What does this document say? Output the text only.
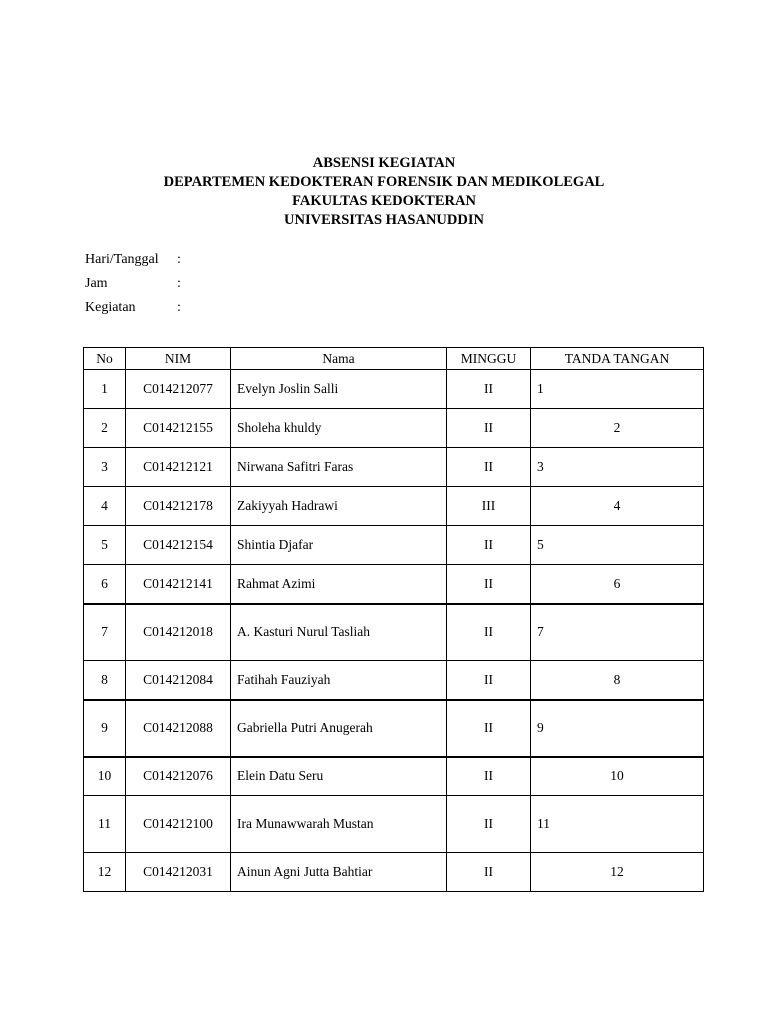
ABSENSI KEGIATAN
DEPARTEMEN KEDOKTERAN FORENSIK DAN MEDIKOLEGAL
FAKULTAS KEDOKTERAN
UNIVERSITAS HASANUDDIN
Hari/Tanggal :
Jam	:
Kegiatan	:
No	NIM	Nama	MINGGU	TANDA TANGAN
1	C014212077	Evelyn Joslin Salli	II	1
2	C014212155	Sholeha khuldy	II	2
3	C014212121	Nirwana Safitri Faras	II	3
4	C014212178	Zakiyyah Hadrawi	III	4
5	C014212154	Shintia Djafar	II	5
6	C014212141	Rahmat Azimi	II	6
7	C014212018	A. Kasturi Nurul Tasliah	II	7
8	C014212084	Fatihah Fauziyah	II	8
9	C014212088	Gabriella Putri Anugerah	II	9
10	C014212076	Elein Datu Seru	II	10
11	C014212100	Ira Munawwarah Mustan	II	11
12	C014212031	Ainun Agni Jutta Bahtiar	II	12
